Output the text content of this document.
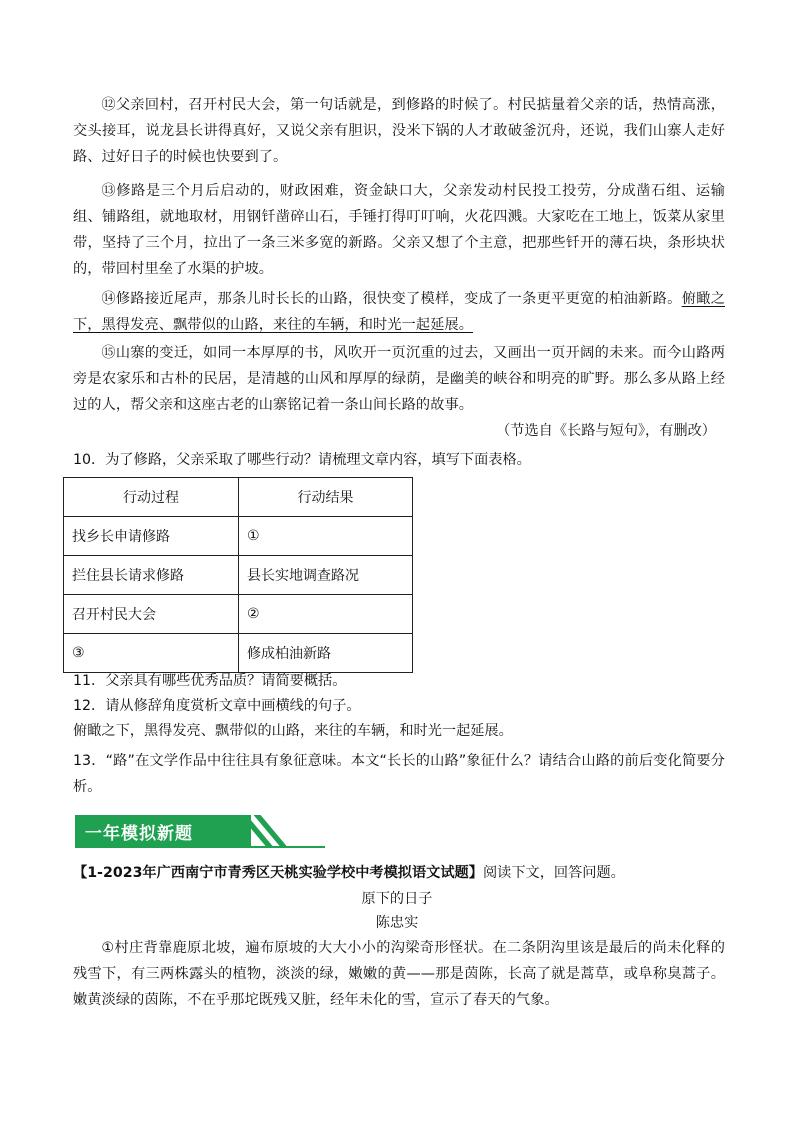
⑫父亲回村，召开村民大会，第一句话就是，到修路的时候了。村民掂量着父亲的话，热情高涨，交头接耳，说龙县长讲得真好，又说父亲有胆识，没米下锅的人才敢破釜沉舟，还说，我们山寨人走好路、过好日子的时候也快要到了。

⑬修路是三个月后启动的，财政困难，资金缺口大，父亲发动村民投工投劳，分成凿石组、运输组、铺路组，就地取材，用钢钎凿碎山石，手锤打得叮叮响，火花四溅。大家吃在工地上，饭菜从家里带，坚持了三个月，拉出了一条三米多宽的新路。父亲又想了个主意，把那些钎开的薄石块，条形块状的，带回村里垒了水渠的护坡。

⑭修路接近尾声，那条儿时长长的山路，很快变了模样，变成了一条更平更宽的柏油新路。俯瞰之下，黑得发亮、飘带似的山路，来往的车辆，和时光一起延展。

⑮山寨的变迁，如同一本厚厚的书，风吹开一页沉重的过去，又画出一页开阔的未来。而今山路两旁是农家乐和古朴的民居，是清越的山风和厚厚的绿荫，是幽美的峡谷和明亮的旷野。那么多从路上经过的人，帮父亲和这座古老的山寨铭记着一条山间长路的故事。

（节选自《长路与短句》，有删改）

10．为了修路，父亲采取了哪些行动？请梳理文章内容，填写下面表格。

行动过程	行动结果
找乡长申请修路	①
拦住县长请求修路	县长实地调查路况
召开村民大会	②
③	修成柏油新路

11．父亲具有哪些优秀品质？请简要概括。

12．请从修辞角度赏析文章中画横线的句子。

俯瞰之下，黑得发亮、飘带似的山路，来往的车辆，和时光一起延展。

13．“路”在文学作品中往往具有象征意味。本文“长长的山路”象征什么？请结合山路的前后变化简要分析。

一年模拟新题

【1-2023年广西南宁市青秀区天桃实验学校中考模拟语文试题】阅读下文，回答问题。

原下的日子
陈忠实

①村庄背靠鹿原北坡，遍布原坡的大大小小的沟梁奇形怪状。在二条阴沟里该是最后的尚未化释的残雪下，有三两株露头的植物，淡淡的绿，嫩嫩的黄——那是茵陈，长高了就是蒿草，或阜称臭蒿子。嫩黄淡绿的茵陈，不在乎那坨既残又脏，经年未化的雪，宣示了春天的气象。
